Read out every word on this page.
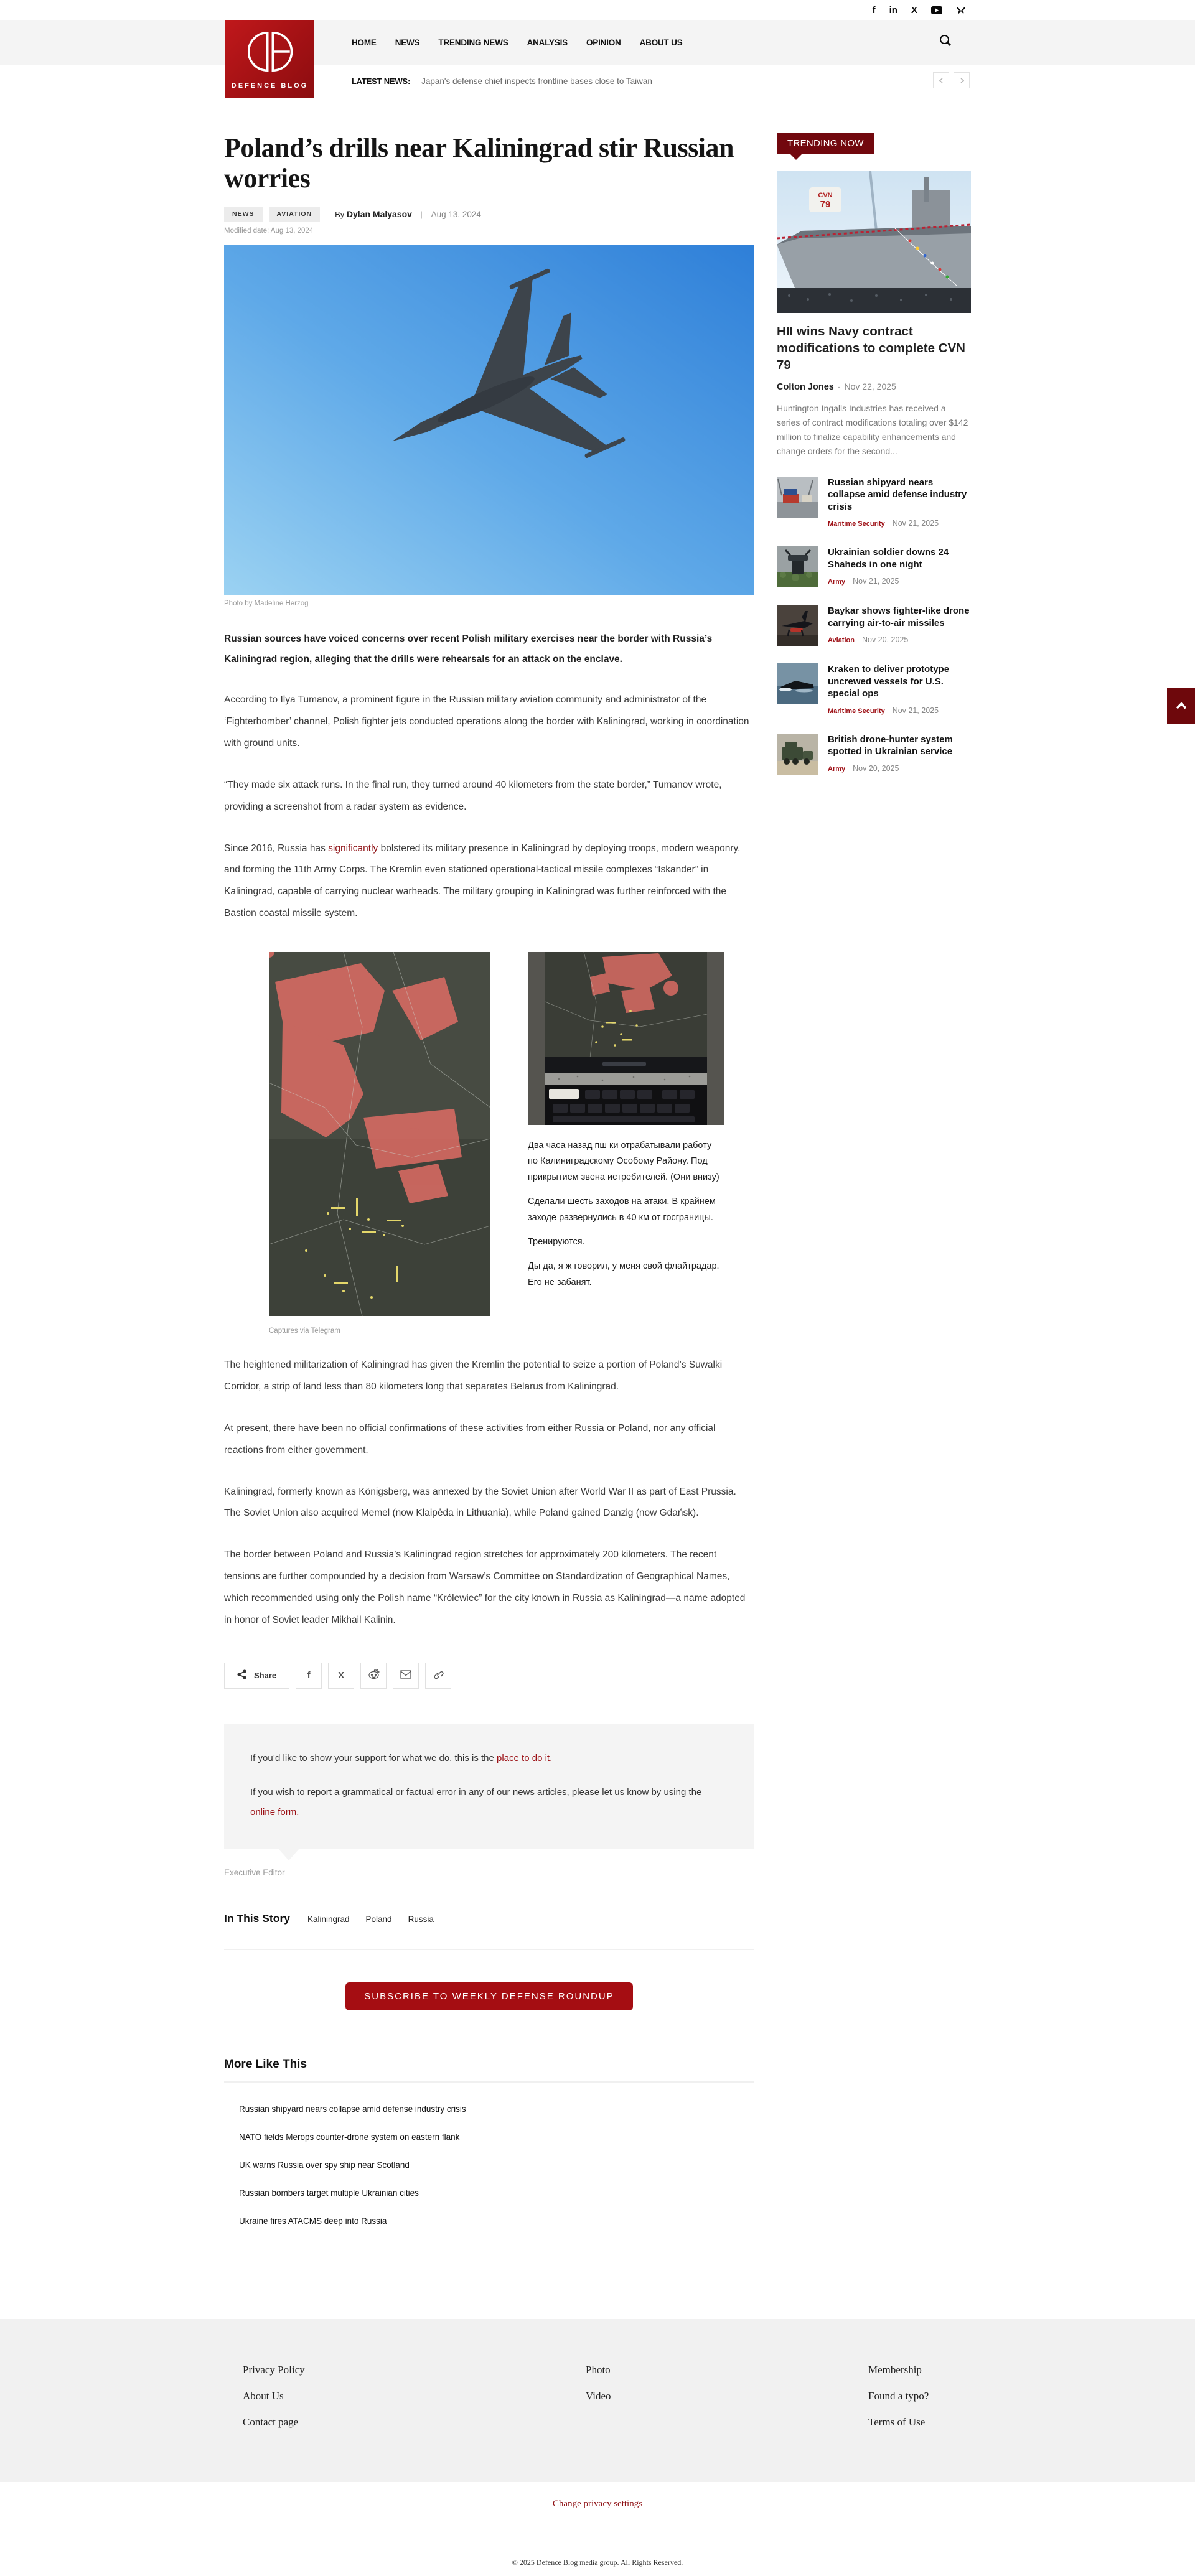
f in X
HOME NEWS TRENDING NEWS ANALYSIS OPINION ABOUT US
LATEST NEWS: Japan's defense chief inspects frontline bases close to Taiwan
DEFENCE BLOG
Poland’s drills near Kaliningrad stir Russian worries
NEWS	AVIATION	By Dylan Malyasov | Aug 13, 2024
Modified date: Aug 13, 2024
Photo by Madeline Herzog

Russian sources have voiced concerns over recent Polish military exercises near the border with Russia’s Kaliningrad region, alleging that the drills were rehearsals for an attack on the enclave.

According to Ilya Tumanov, a prominent figure in the Russian military aviation community and administrator of the ‘Fighterbomber’ channel, Polish fighter jets conducted operations along the border with Kaliningrad, working in coordination with ground units.

“They made six attack runs. In the final run, they turned around 40 kilometers from the state border,” Tumanov wrote, providing a screenshot from a radar system as evidence.

Since 2016, Russia has significantly bolstered its military presence in Kaliningrad by deploying troops, modern weaponry, and forming the 11th Army Corps. The Kremlin even stationed operational-tactical missile complexes “Iskander” in Kaliningrad, capable of carrying nuclear warheads. The military grouping in Kaliningrad was further reinforced with the Bastion coastal missile system.

Два часа назад пш ки отрабатывали работу по Калиниградскому Особому Району. Под прикрытием звена истребителей. (Они внизу)

Сделали шесть заходов на атаки. В крайнем заходе развернулись в 40 км от госграницы.

Тренируются.

Ды да, я ж говорил, у меня свой флайтрадар. Его не забанят.

Captures via Telegram

The heightened militarization of Kaliningrad has given the Kremlin the potential to seize a portion of Poland’s Suwalki Corridor, a strip of land less than 80 kilometers long that separates Belarus from Kaliningrad.

At present, there have been no official confirmations of these activities from either Russia or Poland, nor any official reactions from either government.

Kaliningrad, formerly known as Königsberg, was annexed by the Soviet Union after World War II as part of East Prussia. The Soviet Union also acquired Memel (now Klaipėda in Lithuania), while Poland gained Danzig (now Gdańsk).

The border between Poland and Russia’s Kaliningrad region stretches for approximately 200 kilometers. The recent tensions are further compounded by a decision from Warsaw’s Committee on Standardization of Geographical Names, which recommended using only the Polish name “Królewiec” for the city known in Russia as Kaliningrad—a name adopted in honor of Soviet leader Mikhail Kalinin.

Share	f	X

If you’d like to show your support for what we do, this is the place to do it.

If you wish to report a grammatical or factual error in any of our news articles, please let us know by using the online form.

Executive Editor
In This Story Kaliningrad Poland Russia
SUBSCRIBE TO WEEKLY DEFENSE ROUNDUP
More Like This
Russian shipyard nears collapse amid defense industry crisis
NATO fields Merops counter-drone system on eastern flank
UK warns Russia over spy ship near Scotland
Russian bombers target multiple Ukrainian cities
Ukraine fires ATACMS deep into Russia
TRENDING NOW
CVN
79
HII wins Navy contract modifications to complete CVN 79
Colton Jones - Nov 22, 2025
Huntington Ingalls Industries has received a series of contract modifications totaling over $142 million to finalize capability enhancements and change orders for the second...
Russian shipyard nears collapse amid defense industry crisis
Maritime Security Nov 21, 2025
Ukrainian soldier downs 24 Shaheds in one night
Army Nov 21, 2025
Baykar shows fighter-like drone carrying air-to-air missiles
Aviation Nov 20, 2025
Kraken to deliver prototype uncrewed vessels for U.S. special ops
Maritime Security Nov 21, 2025
British drone-hunter system spotted in Ukrainian service
Army Nov 20, 2025
Privacy Policy
About Us
Contact page
Photo
Video
Membership
Found a typo?
Terms of Use
Change privacy settings
© 2025 Defence Blog media group. All Rights Reserved.
